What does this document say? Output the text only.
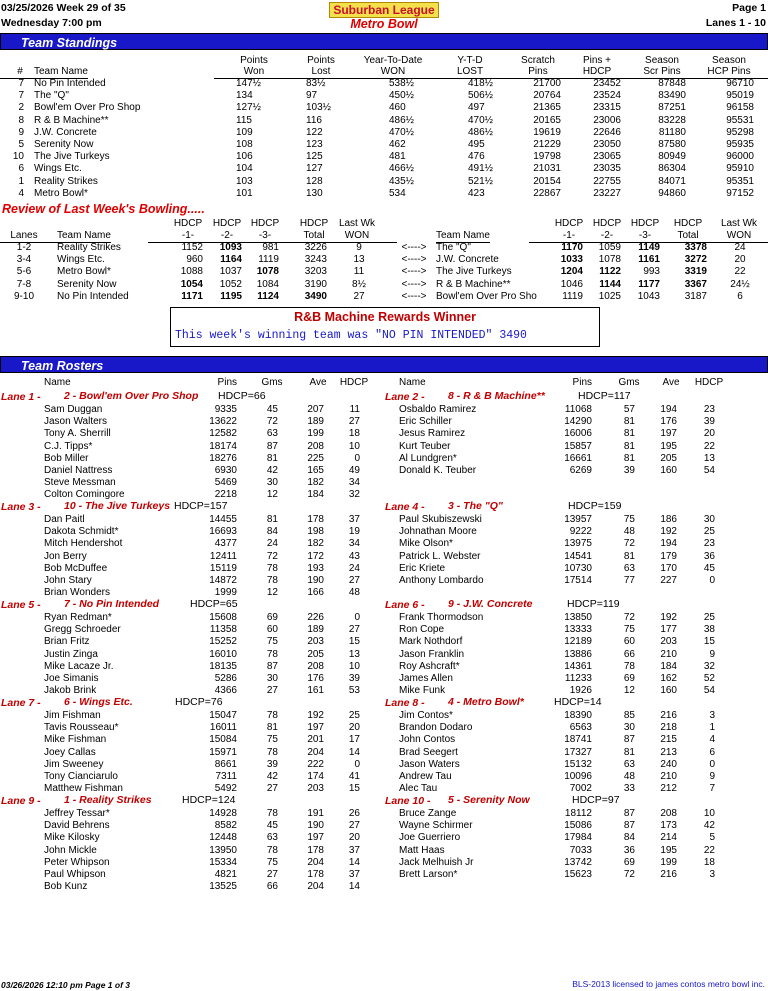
03/25/2026 Week 29 of 35	Suburban League	Page 1
Wednesday 7:00 pm	Metro Bowl	Lanes 1 - 10
Team Standings
#	Team Name
Points
Won
Points
Lost
Year-To-Date
WON
Y-T-D
LOST
Scratch
Pins
Pins +
HDCP
Season
Scr Pins
Season
HCP Pins
7 No Pin Intended	147½	83½	538½	418½	21700	23452	87848	96710
7 The "Q"	134	97	450½	506½	20764	23524	83490	95019
2 Bowl'em Over Pro Shop	127½	103½	460	497	21365	23315	87251	96158
8 R & B Machine**	115	116	486½	470½	20165	23006	83228	95531
9 J.W. Concrete	109	122	470½	486½	19619	22646	81180	95298
5 Serenity Now	108	123	462	495	21229	23050	87580	95935
10 The Jive Turkeys	106	125	481	476	19798	23065	80949	96000
6 Wings Etc.	104	127	466½	491½	21031	23035	86304	95910
1 Reality Strikes	103	128	435½	521½	20154	22755	84071	95351
4 Metro Bowl*	101	130	534	423	22867	23227	94860	97152
Review of Last Week's Bowling.....
Lanes	Team Name
HDCP
-1-
HDCP
-2-
HDCP
-3-
HDCP
Total
Last Wk
WON	Team Name
HDCP
-1-
HDCP
-2-
HDCP
-3-
HDCP
Total
Last Wk
WON
1-2	Reality Strikes	1152	1093	981	3226	9	<----> The "Q"	1170	1059	1149	3378	24
3-4	Wings Etc.	960	1164	1119	3243	13	<----> J.W. Concrete	1033	1078	1161	3272	20
5-6	Metro Bowl*	1088	1037	1078	3203	11	<----> The Jive Turkeys	1204	1122	993	3319	22
7-8	Serenity Now	1054	1052	1084	3190	8½	<----> R & B Machine**	1046	1144	1177	3367	24½
9-10	No Pin Intended	1171	1195	1124	3490	27	<----> Bowl'em Over Pro Sho	1119	1025	1043	3187	6
R&B Machine Rewards Winner
This week's winning team was "NO PIN INTENDED" 3490
Team Rosters
Name	Pins	Gms	Ave	HDCP	Name	Pins	Gms	Ave	HDCP
Lane 1 - 2 - Bowl'em Over Pro Shop HDCP=66
Sam Duggan	9335	45	207	11
Jason Walters	13622	72	189	27
Tony A. Sherrill	12582	63	199	18
C.J. Tipps*	18174	87	208	10
Bob Miller	18276	81	225	0
Daniel Nattress	6930	42	165	49
Steve Messman	5469	30	182	34
Colton Comingore	2218	12	184	32
Lane 3 - 10 - The Jive Turkeys HDCP=157
Dan Paitl	14455	81	178	37
Dakota Schmidt*	16693	84	198	19
Mitch Hendershot	4377	24	182	34
Jon Berry	12411	72	172	43
Bob McDuffee	15119	78	193	24
John Stary	14872	78	190	27
Brian Wonders	1999	12	166	48
Lane 5 - 7 - No Pin Intended	HDCP=65
Ryan Redman*	15608	69	226	0
Gregg Schroeder	11358	60	189	27
Brian Fritz	15252	75	203	15
Justin Zinga	16010	78	205	13
Mike Lacaze Jr.	18135	87	208	10
Joe Simanis	5286	30	176	39
Jakob Brink	4366	27	161	53
Lane 7 - 6 - Wings Etc.	HDCP=76
Jim Fishman	15047	78	192	25
Tavis Rousseau*	16011	81	197	20
Mike Fishman	15084	75	201	17
Joey Callas	15971	78	204	14
Jim Sweeney	8661	39	222	0
Tony Cianciarulo	7311	42	174	41
Matthew Fishman	5492	27	203	15
Lane 9 - 1 - Reality Strikes	HDCP=124
Jeffrey Tessar*	14928	78	191	26
David Behrens	8582	45	190	27
Mike Kilosky	12448	63	197	20
John Mickle	13950	78	178	37
Peter Whipson	15334	75	204	14
Paul Whipson	4821	27	178	37
Bob Kunz	13525	66	204	14
Lane 2 - 8 - R & B Machine**	HDCP=117
Osbaldo Ramirez	11068	57	194	23
Eric Schiller	14290	81	176	39
Jesus Ramirez	16006	81	197	20
Kurt Teuber	15857	81	195	22
Al Lundgren*	16661	81	205	13
Donald K. Teuber	6269	39	160	54
Lane 4 - 3 - The "Q"	HDCP=159
Paul Skubiszewski	13957	75	186	30
Johnathan Moore	9222	48	192	25
Mike Olson*	13975	72	194	23
Patrick L. Webster	14541	81	179	36
Eric Kriete	10730	63	170	45
Anthony Lombardo	17514	77	227	0
Lane 6 - 9 - J.W. Concrete	HDCP=119
Frank Thormodson	13850	72	192	25
Ron Cope	13333	75	177	38
Mark Nothdorf	12189	60	203	15
Jason Franklin	13886	66	210	9
Roy Ashcraft*	14361	78	184	32
James Allen	11233	69	162	52
Mike Funk	1926	12	160	54
Lane 8 - 4 - Metro Bowl*	HDCP=14
Jim Contos*	18390	85	216	3
Brandon Dodaro	6563	30	218	1
John Contos	18741	87	215	4
Brad Seegert	17327	81	213	6
Jason Waters	15132	63	240	0
Andrew Tau	10096	48	210	9
Alec Tau	7002	33	212	7
Lane 10 - 5 - Serenity Now	HDCP=97
Bruce Zange	18112	87	208	10
Wayne Schirmer	15086	87	173	42
Joe Guerriero	17984	84	214	5
Matt Haas	7033	36	195	22
Jack Melhuish Jr	13742	69	199	18
Brett Larson*	15623	72	216	3
03/26/2026 12:10 pm Page 1 of 3	BLS-2013 licensed to james contos metro bowl inc.
